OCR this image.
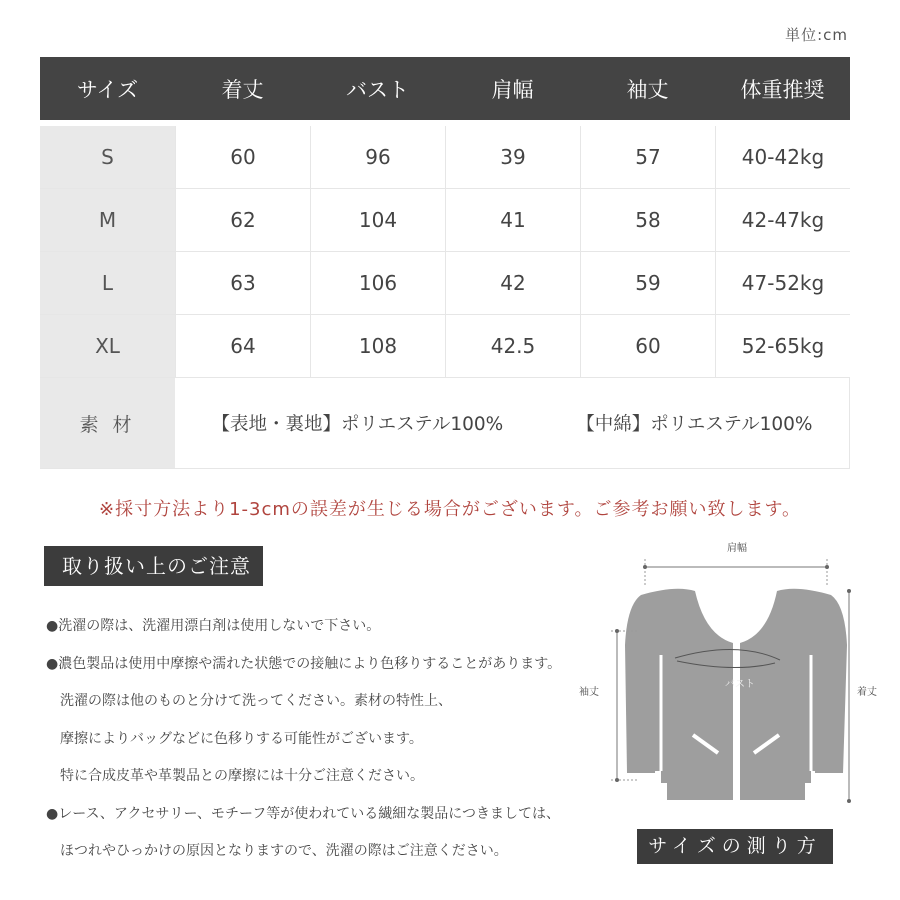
単位:cm
サイズ	着丈	バスト	肩幅	袖丈	体重推奨
S	60	96	39	57	40-42kg
M	62	104	41	58	42-47kg
L	63	106	42	59	47-52kg
XL	64	108	42.5	60	52-65kg
素 材	【表地・裏地】ポリエステル100%	【中綿】ポリエステル100%
※採寸方法より1-3cmの誤差が生じる場合がございます。ご参考お願い致します。
取り扱い上のご注意
●洗濯の際は、洗濯用漂白剤は使用しないで下さい。
●濃色製品は使用中摩擦や濡れた状態での接触により色移りすることがあります。
洗濯の際は他のものと分けて洗ってください。素材の特性上、
摩擦によりバッグなどに色移りする可能性がございます。
特に合成皮革や革製品との摩擦には十分ご注意ください。
●レース、アクセサリー、モチーフ等が使われている繊細な製品につきましては、
ほつれやひっかけの原因となりますので、洗濯の際はご注意ください。
肩幅
バスト
袖丈	着丈
サイズの測り方
